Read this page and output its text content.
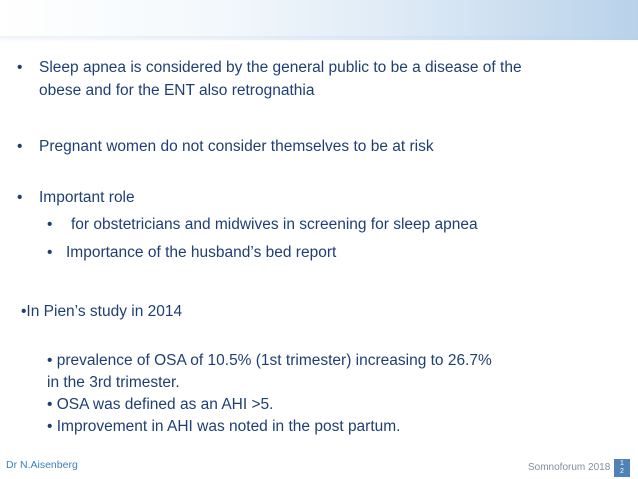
• Sleep apnea is considered by the general public to be a disease of the
obese and for the ENT also retrognathia
• Pregnant women do not consider themselves to be at risk
• Important role
• for obstetricians and midwives in screening for sleep apnea
• Importance of the husband’s bed report
•In Pien’s study in 2014
• prevalence of OSA of 10.5% (1st trimester) increasing to 26.7%
in the 3rd trimester.
• OSA was defined as an AHI >5.
• Improvement in AHI was noted in the post partum.
Dr N.Aisenberg	Somnoforum 2018	1
2
